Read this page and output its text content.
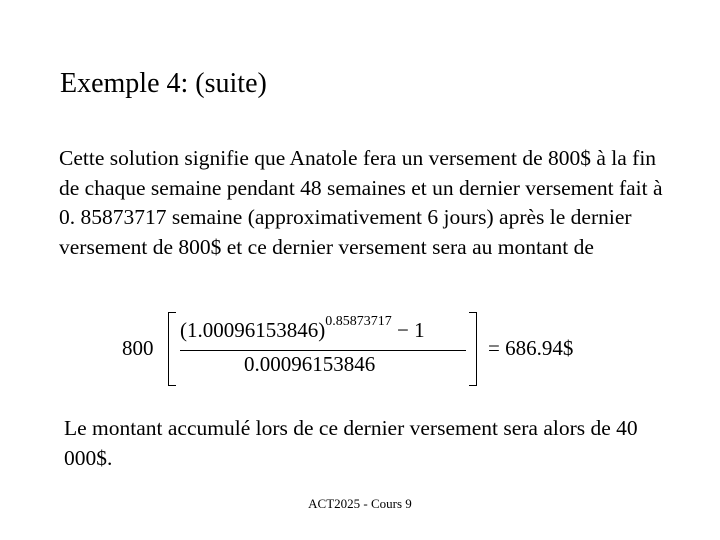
Exemple 4: (suite)
Cette solution signifie que Anatole fera un versement de 800$ à la fin de chaque semaine pendant 48 semaines et un dernier versement fait à 0. 85873717 semaine (approximativement 6 jours) après le dernier versement de 800$ et ce dernier versement sera au montant de
800
$(1.00096153846)^{0.85873717} - 1$
0.00096153846
= 686.94$
Le montant accumulé lors de ce dernier versement sera alors de 40 000$.
ACT2025 - Cours 9
